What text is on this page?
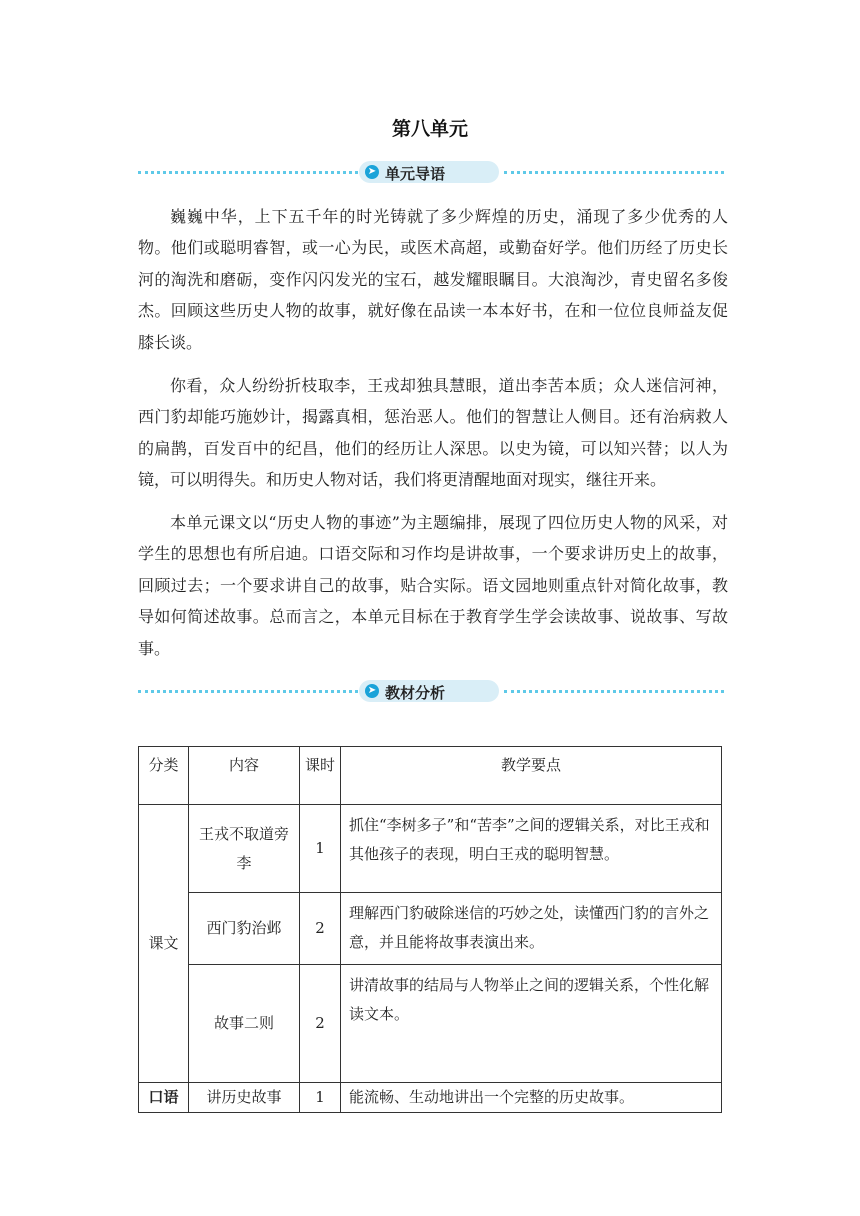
第八单元
➤ 单元导语

巍巍中华，上下五千年的时光铸就了多少辉煌的历史，涌现了多少优秀的人物。他们或聪明睿智，或一心为民，或医术高超，或勤奋好学。他们历经了历史长河的淘洗和磨砺，变作闪闪发光的宝石，越发耀眼瞩目。大浪淘沙，青史留名多俊杰。回顾这些历史人物的故事，就好像在品读一本本好书，在和一位位良师益友促膝长谈。

你看，众人纷纷折枝取李，王戎却独具慧眼，道出李苦本质；众人迷信河神，西门豹却能巧施妙计，揭露真相，惩治恶人。他们的智慧让人侧目。还有治病救人的扁鹊，百发百中的纪昌，他们的经历让人深思。以史为镜，可以知兴替；以人为镜，可以明得失。和历史人物对话，我们将更清醒地面对现实，继往开来。

本单元课文以“历史人物的事迹”为主题编排，展现了四位历史人物的风采，对学生的思想也有所启迪。口语交际和习作均是讲故事，一个要求讲历史上的故事，回顾过去；一个要求讲自己的故事，贴合实际。语文园地则重点针对简化故事，教导如何简述故事。总而言之，本单元目标在于教育学生学会读故事、说故事、写故事。

➤ 教材分析
分类	内容	课时	教学要点
课文	王戎不取道旁李	1	抓住“李树多子”和“苦李”之间的逻辑关系，对比王戎和其他孩子的表现，明白王戎的聪明智慧。
	西门豹治邺	2	理解西门豹破除迷信的巧妙之处，读懂西门豹的言外之意，并且能将故事表演出来。
	故事二则	2	讲清故事的结局与人物举止之间的逻辑关系，个性化解读文本。
口语	讲历史故事	1	能流畅、生动地讲出一个完整的历史故事。
